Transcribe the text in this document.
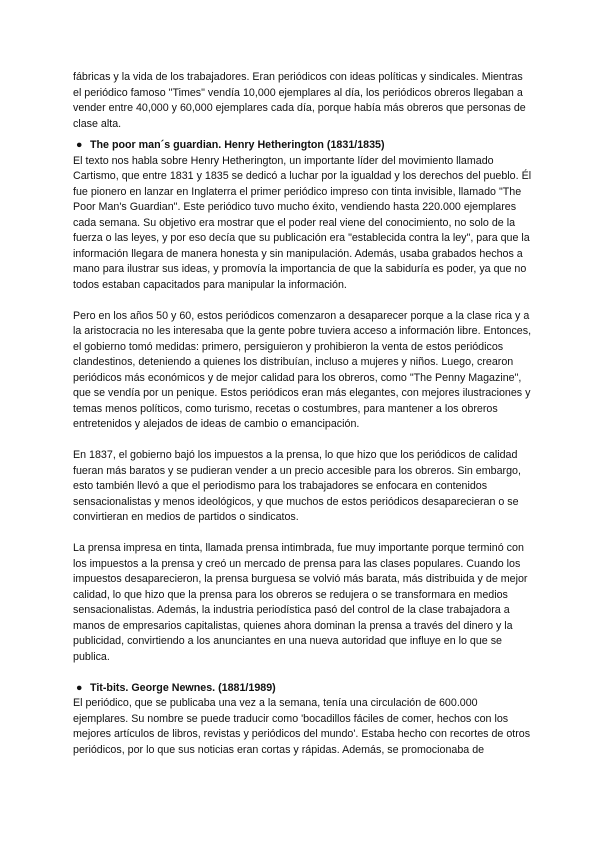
fábricas y la vida de los trabajadores. Eran periódicos con ideas políticas y sindicales. Mientras el periódico famoso "Times" vendía 10,000 ejemplares al día, los periódicos obreros llegaban a vender entre 40,000 y 60,000 ejemplares cada día, porque había más obreros que personas de clase alta.

● The poor man´s guardian. Henry Hetherington (1831/1835)

El texto nos habla sobre Henry Hetherington, un importante líder del movimiento llamado Cartismo, que entre 1831 y 1835 se dedicó a luchar por la igualdad y los derechos del pueblo. Él fue pionero en lanzar en Inglaterra el primer periódico impreso con tinta invisible, llamado "The Poor Man's Guardian". Este periódico tuvo mucho éxito, vendiendo hasta 220.000 ejemplares cada semana. Su objetivo era mostrar que el poder real viene del conocimiento, no solo de la fuerza o las leyes, y por eso decía que su publicación era "establecida contra la ley", para que la información llegara de manera honesta y sin manipulación. Además, usaba grabados hechos a mano para ilustrar sus ideas, y promovía la importancia de que la sabiduría es poder, ya que no todos estaban capacitados para manipular la información.

Pero en los años 50 y 60, estos periódicos comenzaron a desaparecer porque a la clase rica y a la aristocracia no les interesaba que la gente pobre tuviera acceso a información libre. Entonces, el gobierno tomó medidas: primero, persiguieron y prohibieron la venta de estos periódicos clandestinos, deteniendo a quienes los distribuían, incluso a mujeres y niños. Luego, crearon periódicos más económicos y de mejor calidad para los obreros, como "The Penny Magazine", que se vendía por un penique. Estos periódicos eran más elegantes, con mejores ilustraciones y temas menos políticos, como turismo, recetas o costumbres, para mantener a los obreros entretenidos y alejados de ideas de cambio o emancipación.

En 1837, el gobierno bajó los impuestos a la prensa, lo que hizo que los periódicos de calidad fueran más baratos y se pudieran vender a un precio accesible para los obreros. Sin embargo, esto también llevó a que el periodismo para los trabajadores se enfocara en contenidos sensacionalistas y menos ideológicos, y que muchos de estos periódicos desaparecieran o se convirtieran en medios de partidos o sindicatos.

La prensa impresa en tinta, llamada prensa intimbrada, fue muy importante porque terminó con los impuestos a la prensa y creó un mercado de prensa para las clases populares. Cuando los impuestos desaparecieron, la prensa burguesa se volvió más barata, más distribuida y de mejor calidad, lo que hizo que la prensa para los obreros se redujera o se transformara en medios sensacionalistas. Además, la industria periodística pasó del control de la clase trabajadora a manos de empresarios capitalistas, quienes ahora dominan la prensa a través del dinero y la publicidad, convirtiendo a los anunciantes en una nueva autoridad que influye en lo que se publica.

● Tit-bits. George Newnes. (1881/1989)

El periódico, que se publicaba una vez a la semana, tenía una circulación de 600.000 ejemplares. Su nombre se puede traducir como 'bocadillos fáciles de comer, hechos con los mejores artículos de libros, revistas y periódicos del mundo'. Estaba hecho con recortes de otros periódicos, por lo que sus noticias eran cortas y rápidas. Además, se promocionaba de
